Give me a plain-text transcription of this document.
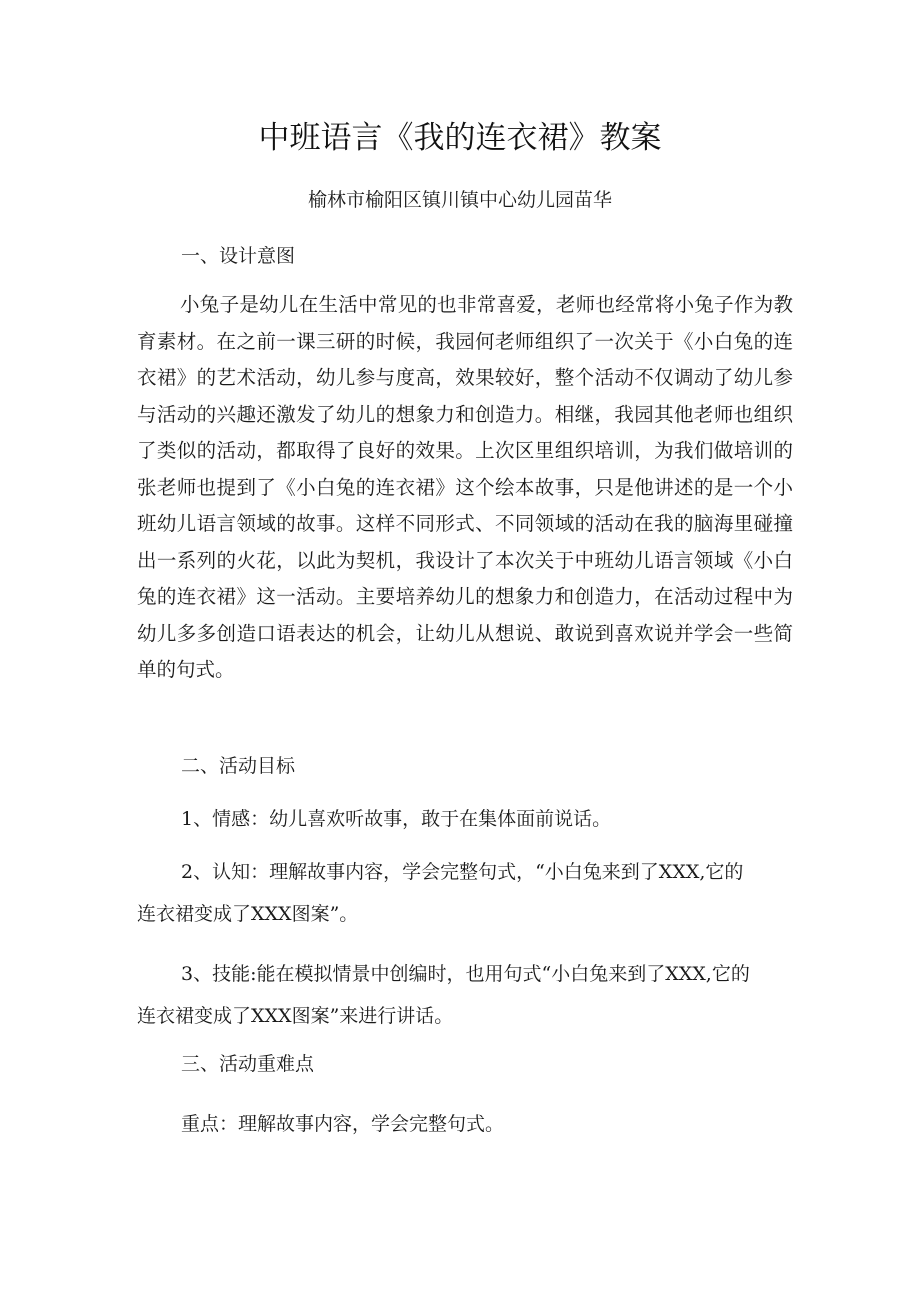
中班语言《我的连衣裙》教案
榆林市榆阳区镇川镇中心幼儿园苗华
一、设计意图
小兔子是幼儿在生活中常见的也非常喜爱，老师也经常将小兔子作为教育素材。在之前一课三研的时候，我园何老师组织了一次关于《小白兔的连衣裙》的艺术活动，幼儿参与度高，效果较好，整个活动不仅调动了幼儿参与活动的兴趣还激发了幼儿的想象力和创造力。相继，我园其他老师也组织了类似的活动，都取得了良好的效果。上次区里组织培训，为我们做培训的张老师也提到了《小白兔的连衣裙》这个绘本故事，只是他讲述的是一个小班幼儿语言领域的故事。这样不同形式、不同领域的活动在我的脑海里碰撞出一系列的火花，以此为契机，我设计了本次关于中班幼儿语言领域《小白兔的连衣裙》这一活动。主要培养幼儿的想象力和创造力，在活动过程中为幼儿多多创造口语表达的机会，让幼儿从想说、敢说到喜欢说并学会一些简单的句式。
二、活动目标
1、情感：幼儿喜欢听故事，敢于在集体面前说话。
2、认知：理解故事内容，学会完整句式，“小白兔来到了XXX,它的
连衣裙变成了XXX图案”。
3、技能:能在模拟情景中创编时，也用句式“小白兔来到了XXX,它的
连衣裙变成了XXX图案”来进行讲话。
三、活动重难点
重点：理解故事内容，学会完整句式。
